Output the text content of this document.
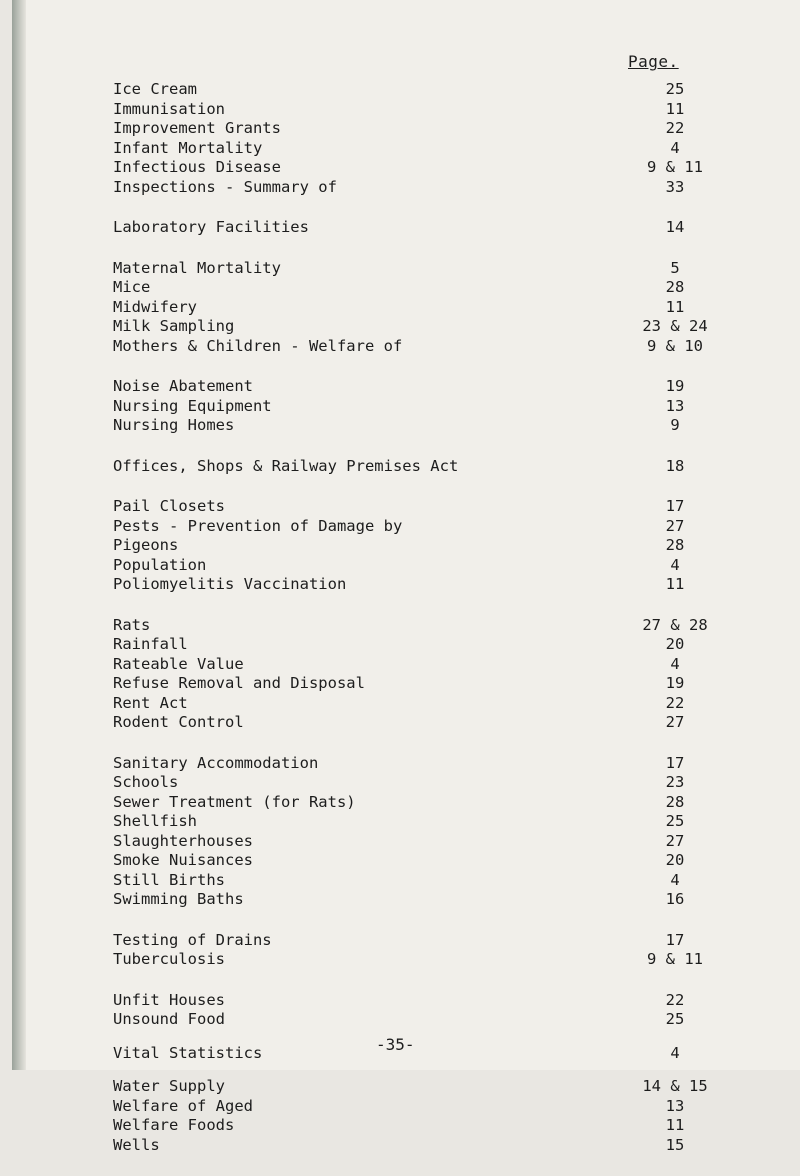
Page.
Ice Cream	25
Immunisation	11
Improvement Grants	22
Infant Mortality	4
Infectious Disease	9 & 11
Inspections - Summary of	33
Laboratory Facilities	14
Maternal Mortality	5
Mice	28
Midwifery	11
Milk Sampling	23 & 24
Mothers & Children - Welfare of	9 & 10
Noise Abatement	19
Nursing Equipment	13
Nursing Homes	9
Offices, Shops & Railway Premises Act	18
Pail Closets	17
Pests - Prevention of Damage by	27
Pigeons	28
Population	4
Poliomyelitis Vaccination	11
Rats	27 & 28
Rainfall	20
Rateable Value	4
Refuse Removal and Disposal	19
Rent Act	22
Rodent Control	27
Sanitary Accommodation	17
Schools	23
Sewer Treatment (for Rats)	28
Shellfish	25
Slaughterhouses	27
Smoke Nuisances	20
Still Births	4
Swimming Baths	16
Testing of Drains	17
Tuberculosis	9 & 11
Unfit Houses	22
Unsound Food	25
Vital Statistics	4
Water Supply	14 & 15
Welfare of Aged	13
Welfare Foods	11
Wells	15
-35-
